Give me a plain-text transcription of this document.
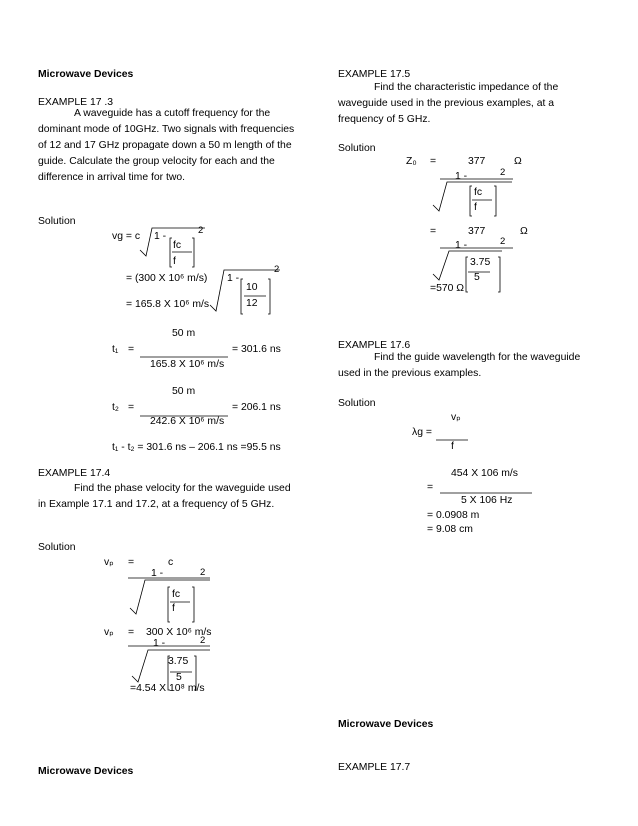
Microwave Devices
EXAMPLE 17 .3
A waveguide has a cutoff frequency for the dominant mode of 10GHz. Two signals with frequencies of 12 and 17 GHz propagate down a 50 m length of the guide. Calculate the group velocity for each and the difference in arrival time for two.
Solution
vg = c 1 -
2
fc
f
= (300 X 10⁶ m/s) 1 -
2
10
12
= 165.8 X 10⁶ m/s
50 m
t₁ =	= 301.6 ns
165.8 X 10⁶ m/s
50 m
t₂ =	= 206.1 ns
242.6 X 10⁶ m/s
t₁ - t₂ = 301.6 ns – 206.1 ns =95.5 ns
EXAMPLE 17.4
Find the phase velocity for the waveguide used in Example 17.1 and 17.2, at a frequency of 5 GHz.
Solution
vₚ =	c
1 -	2
fc
f
vₚ = 300 X 10⁶ m/s
1 -	2
3.75
5
=4.54 X 10⁸ m/s
EXAMPLE 17.5
Find the characteristic impedance of the waveguide used in the previous examples, at a frequency of 5 GHz.
Solution
Z₀ =	377	Ω
1 -	2
fc
f
=	377	Ω
1 -	2
3.75
5
=570 Ω
EXAMPLE 17.6
Find the guide wavelength for the waveguide used in the previous examples.
Solution
vₚ
λg =
f
454 X 106 m/s
=
5 X 106 Hz
= 0.0908 m
= 9.08 cm
Microwave Devices
Microwave Devices	EXAMPLE 17.7
